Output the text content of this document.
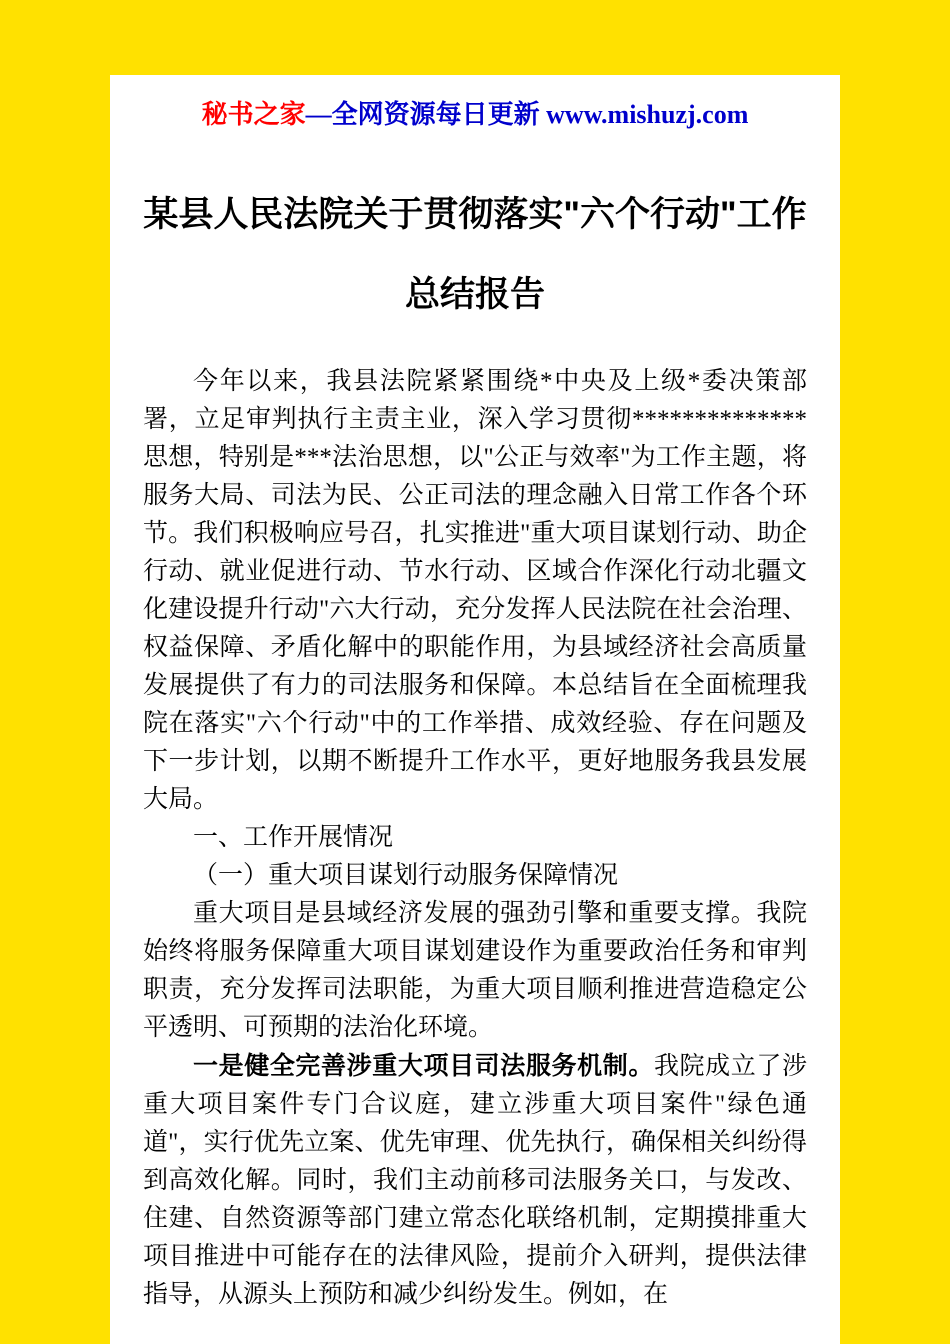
秘书之家—全网资源每日更新 www.mishuzj.com
某县人民法院关于贯彻落实"六个行动"工作总结报告

今年以来，我县法院紧紧围绕*中央及上级*委决策部署，立足审判执行主责主业，深入学习贯彻**************思想，特别是***法治思想，以"公正与效率"为工作主题，将服务大局、司法为民、公正司法的理念融入日常工作各个环节。我们积极响应号召，扎实推进"重大项目谋划行动、助企行动、就业促进行动、节水行动、区域合作深化行动北疆文化建设提升行动"六大行动，充分发挥人民法院在社会治理、权益保障、矛盾化解中的职能作用，为县域经济社会高质量发展提供了有力的司法服务和保障。本总结旨在全面梳理我院在落实"六个行动"中的工作举措、成效经验、存在问题及下一步计划，以期不断提升工作水平，更好地服务我县发展大局。

一、工作开展情况

（一）重大项目谋划行动服务保障情况

重大项目是县域经济发展的强劲引擎和重要支撑。我院始终将服务保障重大项目谋划建设作为重要政治任务和审判职责，充分发挥司法职能，为重大项目顺利推进营造稳定公平透明、可预期的法治化环境。

一是健全完善涉重大项目司法服务机制。我院成立了涉重大项目案件专门合议庭，建立涉重大项目案件"绿色通道"，实行优先立案、优先审理、优先执行，确保相关纠纷得到高效化解。同时，我们主动前移司法服务关口，与发改、住建、自然资源等部门建立常态化联络机制，定期摸排重大项目推进中可能存在的法律风险，提前介入研判，提供法律指导，从源头上预防和减少纠纷发生。例如，在
